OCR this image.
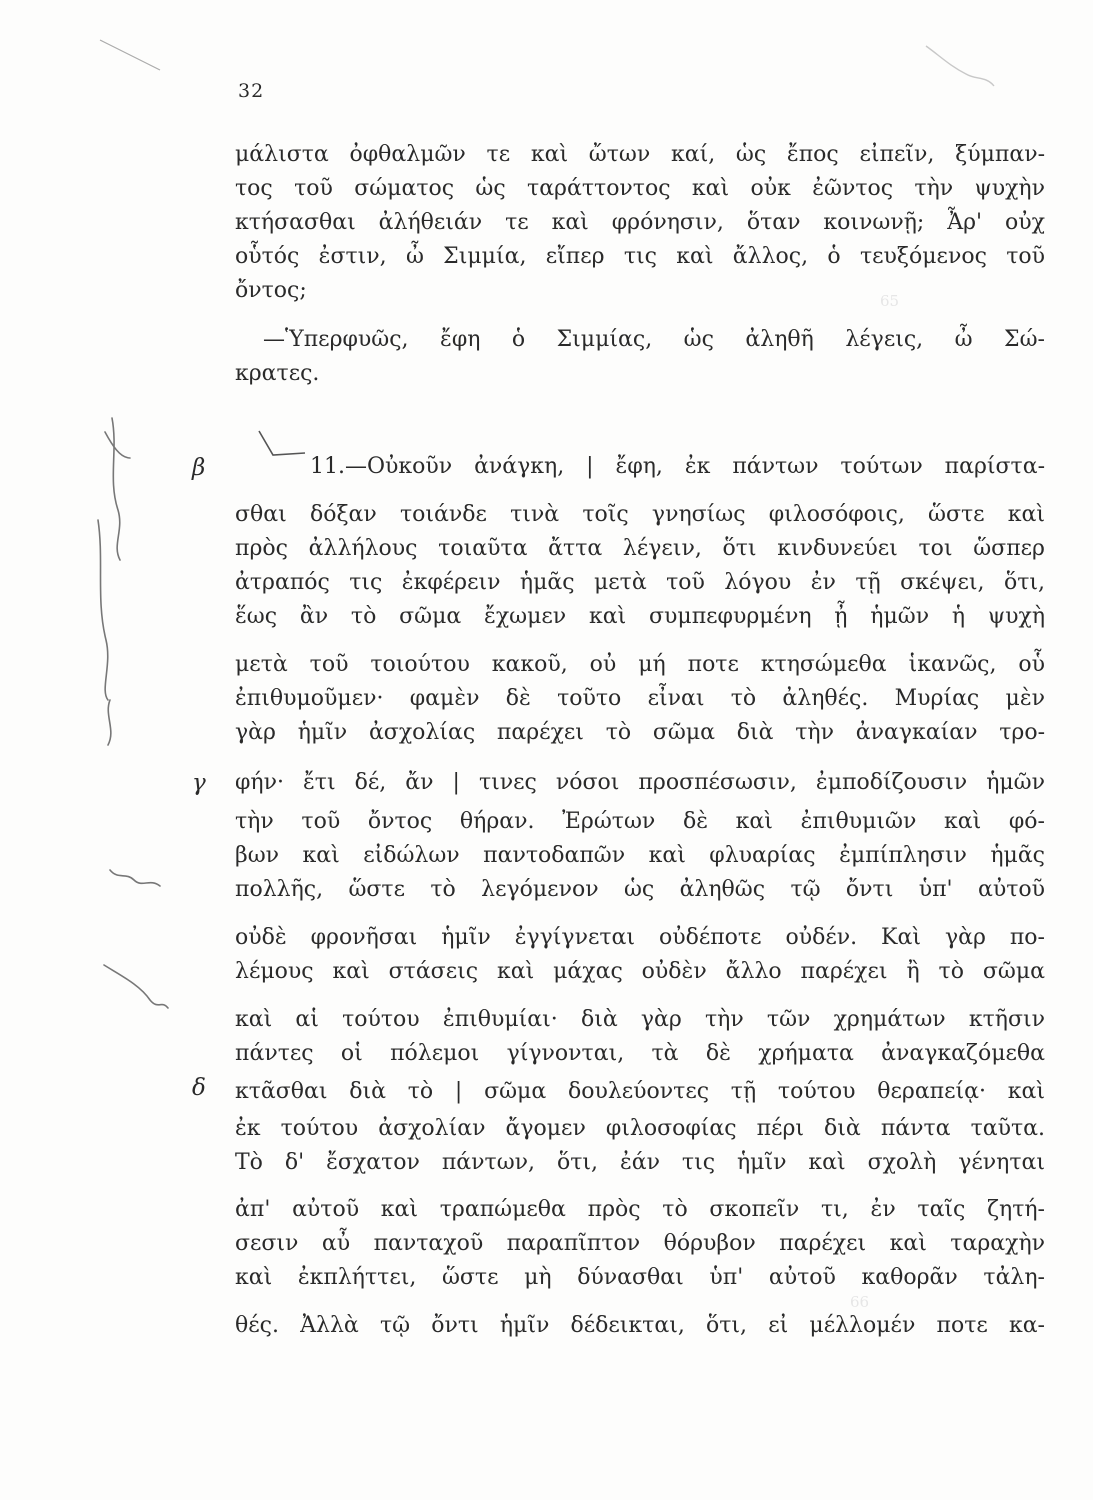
65
66
32
β
γ
δ
μάλιστα ὀφθαλμῶν τε καὶ ὤτων καί, ὡς ἔπος εἰπεῖν, ξύμπαν-
τος τοῦ σώματος ὡς ταράττοντος καὶ οὐκ ἐῶντος τὴν ψυχὴν
κτήσασθαι ἀλήθειάν τε καὶ φρόνησιν, ὅταν κοινωνῇ; Ἆρ' οὐχ
οὗτός ἐστιν, ὦ Σιμμία, εἴπερ τις καὶ ἄλλος, ὁ τευξόμενος τοῦ
ὄντος;
—Ὑπερφυῶς, ἔφη ὁ Σιμμίας, ὡς ἀληθῆ λέγεις, ὦ Σώ-
κρατες.
11.—Οὐκοῦν ἀνάγκη, | ἔφη, ἐκ πάντων τούτων παρίστα-
σθαι δόξαν τοιάνδε τινὰ τοῖς γνησίως φιλοσόφοις, ὥστε καὶ
πρὸς ἀλλήλους τοιαῦτα ἄττα λέγειν, ὅτι κινδυνεύει τοι ὥσπερ
ἀτραπός τις ἐκφέρειν ἡμᾶς μετὰ τοῦ λόγου ἐν τῇ σκέψει, ὅτι,
ἕως ἂν τὸ σῶμα ἔχωμεν καὶ συμπεφυρμένη ᾖ ἡμῶν ἡ ψυχὴ
μετὰ τοῦ τοιούτου κακοῦ, οὐ μή ποτε κτησώμεθα ἱκανῶς, οὗ
ἐπιθυμοῦμεν· φαμὲν δὲ τοῦτο εἶναι τὸ ἀληθές. Μυρίας μὲν
γὰρ ἡμῖν ἀσχολίας παρέχει τὸ σῶμα διὰ τὴν ἀναγκαίαν τρο-
φήν· ἔτι δέ, ἄν | τινες νόσοι προσπέσωσιν, ἐμποδίζουσιν ἡμῶν
τὴν τοῦ ὄντος θήραν. Ἐρώτων δὲ καὶ ἐπιθυμιῶν καὶ φό-
βων καὶ εἰδώλων παντοδαπῶν καὶ φλυαρίας ἐμπίπλησιν ἡμᾶς
πολλῆς, ὥστε τὸ λεγόμενον ὡς ἀληθῶς τῷ ὄντι ὑπ' αὐτοῦ
οὐδὲ φρονῆσαι ἡμῖν ἐγγίγνεται οὐδέποτε οὐδέν. Καὶ γὰρ πο-
λέμους καὶ στάσεις καὶ μάχας οὐδὲν ἄλλο παρέχει ἢ τὸ σῶμα
καὶ αἱ τούτου ἐπιθυμίαι· διὰ γὰρ τὴν τῶν χρημάτων κτῆσιν
πάντες οἱ πόλεμοι γίγνονται, τὰ δὲ χρήματα ἀναγκαζόμεθα
κτᾶσθαι διὰ τὸ | σῶμα δουλεύοντες τῇ τούτου θεραπείᾳ· καὶ
ἐκ τούτου ἀσχολίαν ἄγομεν φιλοσοφίας πέρι διὰ πάντα ταῦτα.
Τὸ δ' ἔσχατον πάντων, ὅτι, ἐάν τις ἡμῖν καὶ σχολὴ γένηται
ἀπ' αὐτοῦ καὶ τραπώμεθα πρὸς τὸ σκοπεῖν τι, ἐν ταῖς ζητή-
σεσιν αὖ πανταχοῦ παραπῖπτον θόρυβον παρέχει καὶ ταραχὴν
καὶ ἐκπλήττει, ὥστε μὴ δύνασθαι ὑπ' αὐτοῦ καθορᾶν τἀλη-
θές. Ἀλλὰ τῷ ὄντι ἡμῖν δέδεικται, ὅτι, εἰ μέλλομέν ποτε κα-
